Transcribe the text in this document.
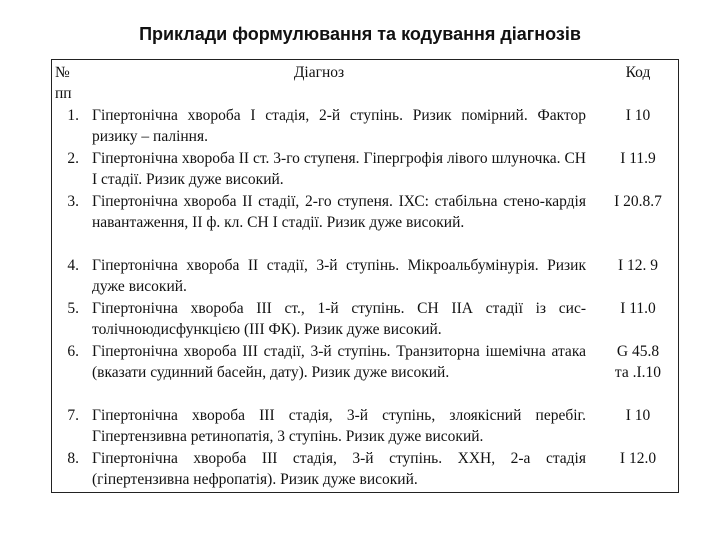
Приклади формулювання та кодування діагнозів
№
пп
Діагноз	Код
1. Гіпертонічна хвороба І стадія, 2-й ступінь. Ризик помірний. Фактор ризику – паління.
І 10
2. Гіпертонічна хвороба ІІ ст. 3-го ступеня. Гіпергрофія лівого шлуночка. СН І стадії. Ризик дуже високий.
І 11.9
3. Гіпертонічна хвороба ІІ стадії, 2-го ступеня. ІХС: стабільна стено-кардія навантаження, ІІ ф. кл. СН І стадії. Ризик дуже високий.
І 20.8.7
4. Гіпертонічна хвороба ІІ стадії, 3-й ступінь. Мікроальбумінурія. Ризик дуже високий.
І 12. 9
5. Гіпертонічна хвороба ІІІ ст., 1-й ступінь. СН ІІА стадії із сис-толічноюдисфункцією (ІІІ ФК). Ризик дуже високий.
І 11.0
6. Гіпертонічна хвороба ІІІ стадії, 3-й ступінь. Транзиторна ішемічна атака (вказати судинний басейн, дату). Ризик дуже високий.
G 45.8
та .І.10
7. Гіпертонічна хвороба ІІІ стадія, 3-й ступінь, злоякісний перебіг. Гіпертензивна ретинопатія, 3 ступінь. Ризик дуже високий.
І 10
8. Гіпертонічна хвороба ІІІ стадія, 3-й ступінь. ХХН, 2-а стадія (гіпертензивна нефропатія). Ризик дуже високий.
І 12.0
